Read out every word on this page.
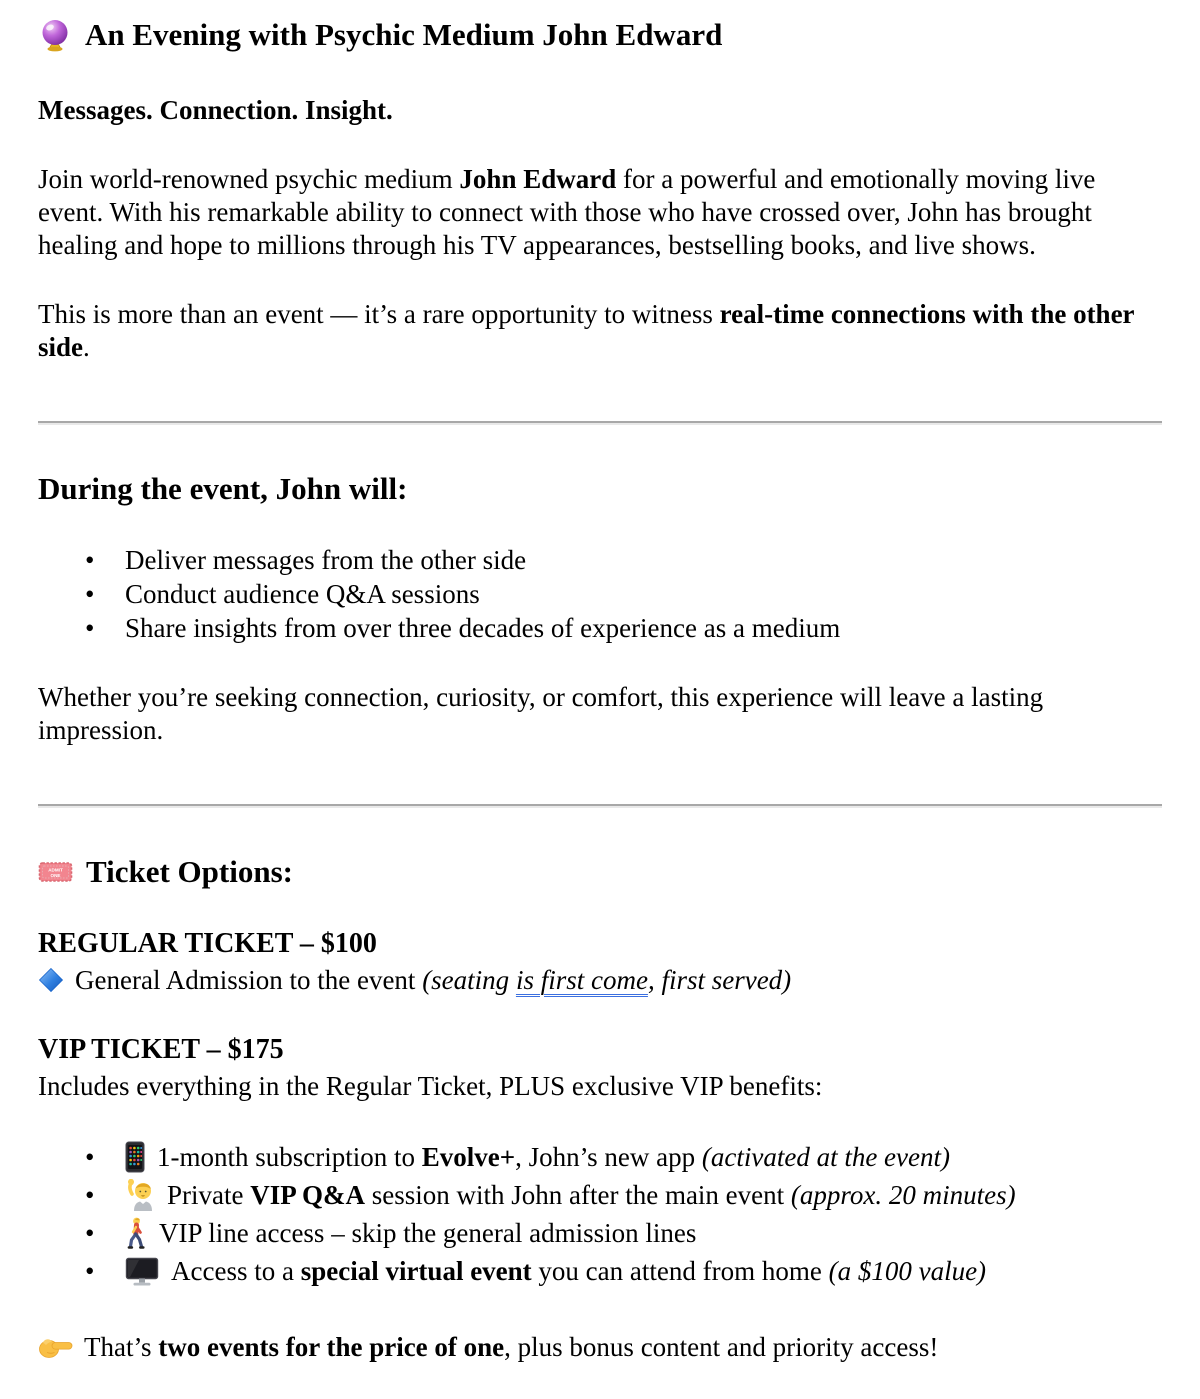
An Evening with Psychic Medium John Edward

Messages. Connection. Insight.

Join world-renowned psychic medium John Edward for a powerful and emotionally moving live event. With his remarkable ability to connect with those who have crossed over, John has brought healing and hope to millions through his TV appearances, bestselling books, and live shows.

This is more than an event — it’s a rare opportunity to witness real-time connections with the other side.

During the event, John will:
• Deliver messages from the other side
• Conduct audience Q&A sessions
• Share insights from over three decades of experience as a medium

Whether you’re seeking connection, curiosity, or comfort, this experience will leave a lasting impression.

ADMIT
ONE Ticket Options:
REGULAR TICKET – $100
General Admission to the event (seating is first come, first served)
VIP TICKET – $175
Includes everything in the Regular Ticket, PLUS exclusive VIP benefits:
• 1-month subscription to Evolve+, John’s new app (activated at the event)
• Private VIP Q&A session with John after the main event (approx. 20 minutes)
• VIP line access – skip the general admission lines
• Access to a special virtual event you can attend from home (a $100 value)

That’s two events for the price of one, plus bonus content and priority access!
